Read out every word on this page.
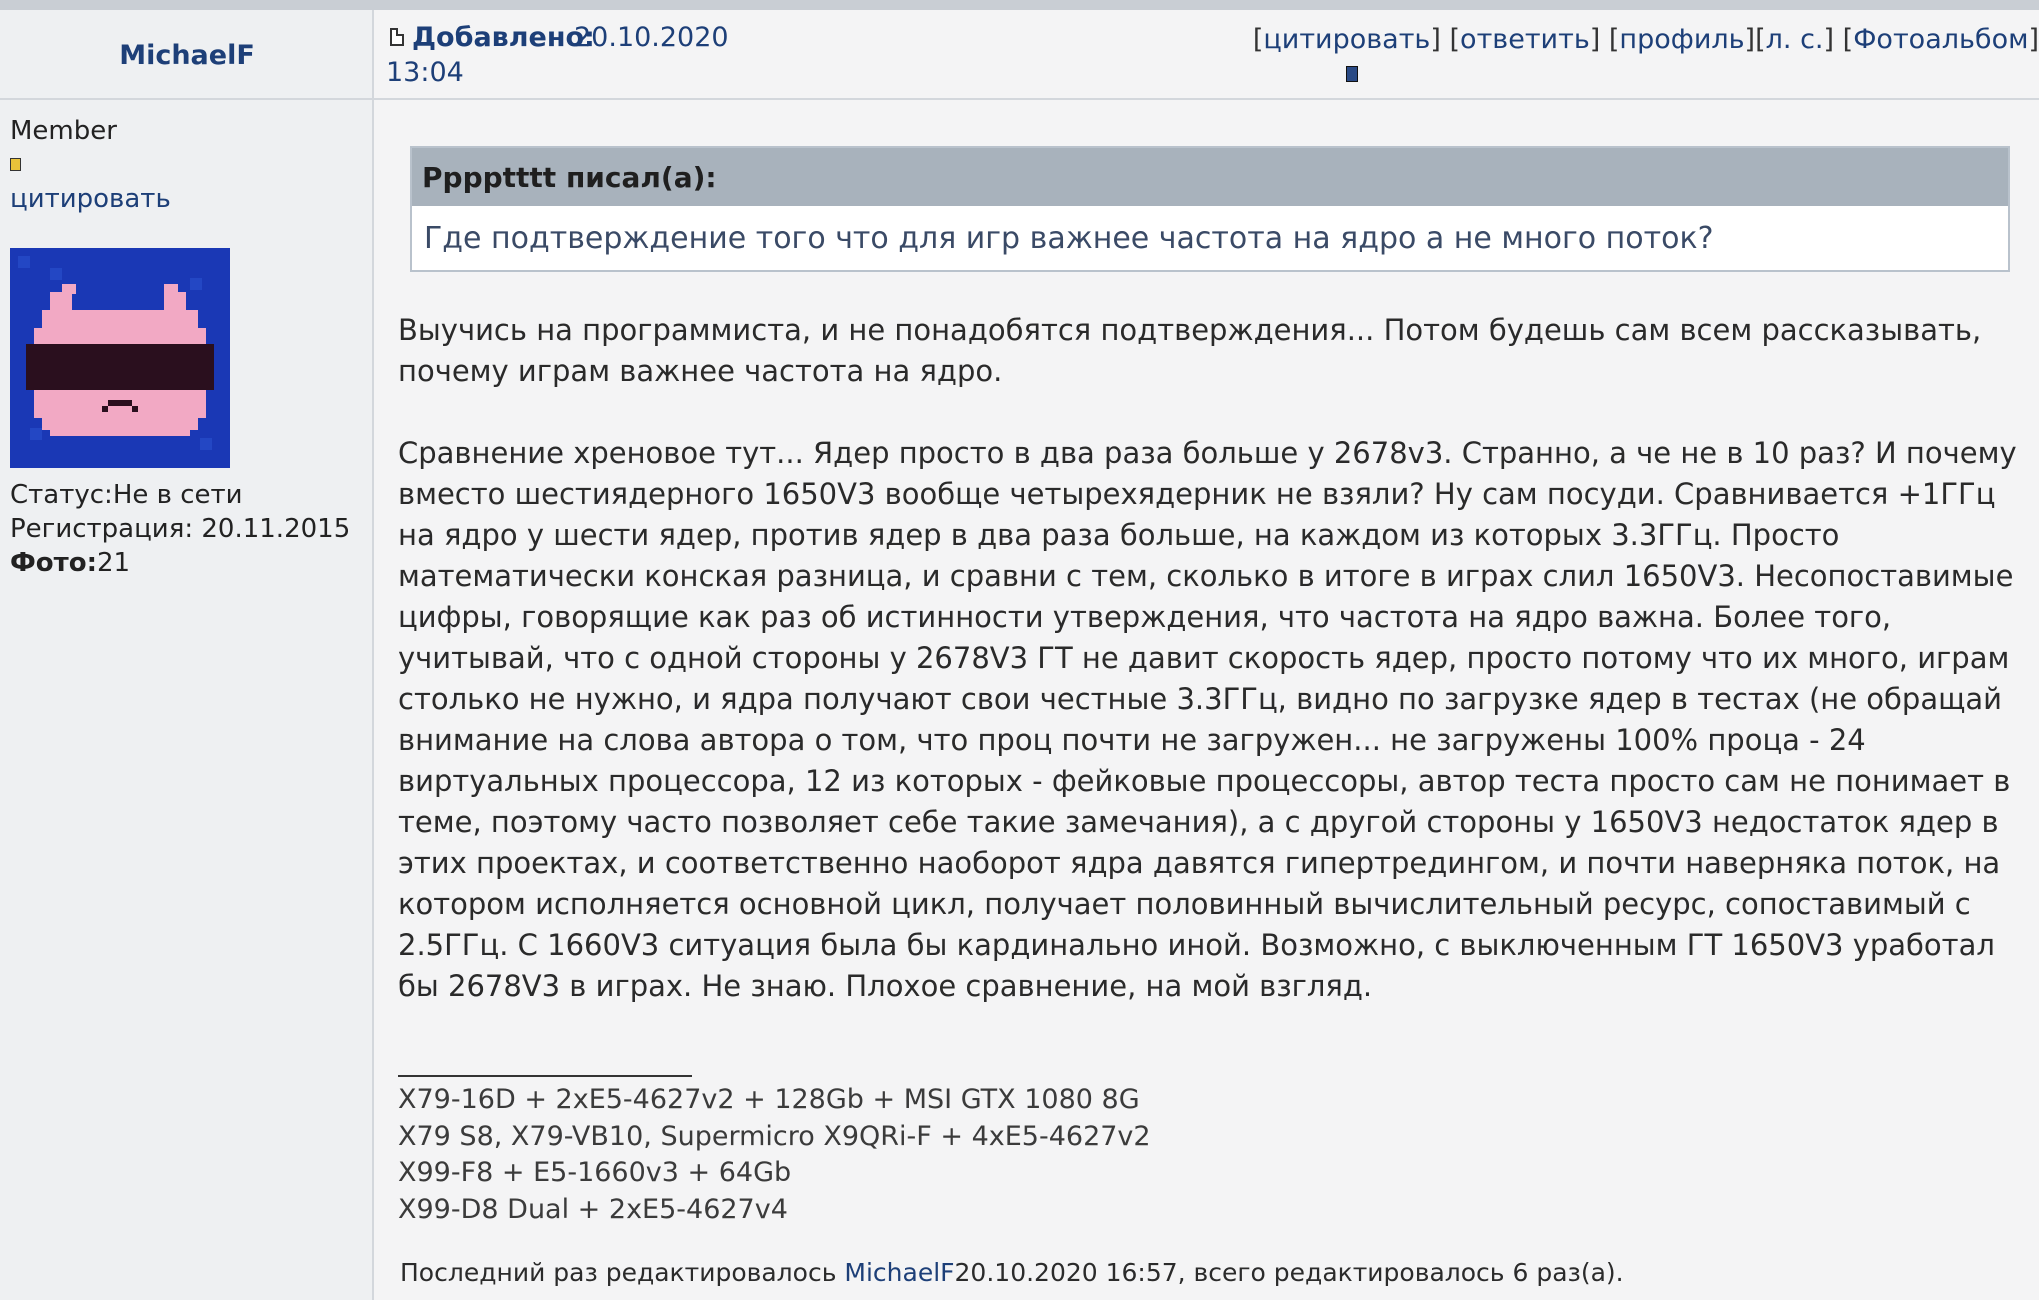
MichaelF
Добавлено:
20.10.2020
13:04
[цитировать] [ответить] [профиль][л. с.] [Фотоальбом]
Member
цитировать
Статус:Не в сети
Регистрация: 20.11.2015
Фото:21
Pppptttt писал(а):
Где подтверждение того что для игр важнее частота на ядро а не много поток?

Выучись на программиста, и не понадобятся подтверждения... Потом будешь сам всем рассказывать, почему играм важнее частота на ядро.

Сравнение хреновое тут... Ядер просто в два раза больше у 2678v3. Странно, а че не в 10 раз? И почему вместо шестиядерного 1650V3 вообще четырехядерник не взяли? Ну сам посуди. Сравнивается +1ГГц на ядро у шести ядер, против ядер в два раза больше, на каждом из которых 3.3ГГц. Просто математически конская разница, и сравни с тем, сколько в итоге в играх слил 1650V3. Несопоставимые цифры, говорящие как раз об истинности утверждения, что частота на ядро важна. Более того, учитывай, что с одной стороны у 2678V3 ГТ не давит скорость ядер, просто потому что их много, играм столько не нужно, и ядра получают свои честные 3.3ГГц, видно по загрузке ядер в тестах (не обращай внимание на слова автора о том, что проц почти не загружен... не загружены 100% проца - 24 виртуальных процессора, 12 из которых - фейковые процессоры, автор теста просто сам не понимает в теме, поэтому часто позволяет себе такие замечания), а с другой стороны у 1650V3 недостаток ядер в этих проектах, и соответственно наоборот ядра давятся гипертредингом, и почти наверняка поток, на котором исполняется основной цикл, получает половинный вычислительный ресурс, сопоставимый с 2.5ГГц. С 1660V3 ситуация была бы кардинально иной. Возможно, с выключенным ГТ 1650V3 уработал бы 2678V3 в играх. Не знаю. Плохое сравнение, на мой взгляд.

X79-16D + 2xE5-4627v2 + 128Gb + MSI GTX 1080 8G
X79 S8, X79-VB10, Supermicro X9QRi-F + 4xE5-4627v2
X99-F8 + E5-1660v3 + 64Gb
X99-D8 Dual + 2xE5-4627v4
Последний раз редактировалось MichaelF20.10.2020 16:57, всего редактировалось 6 раз(а).
